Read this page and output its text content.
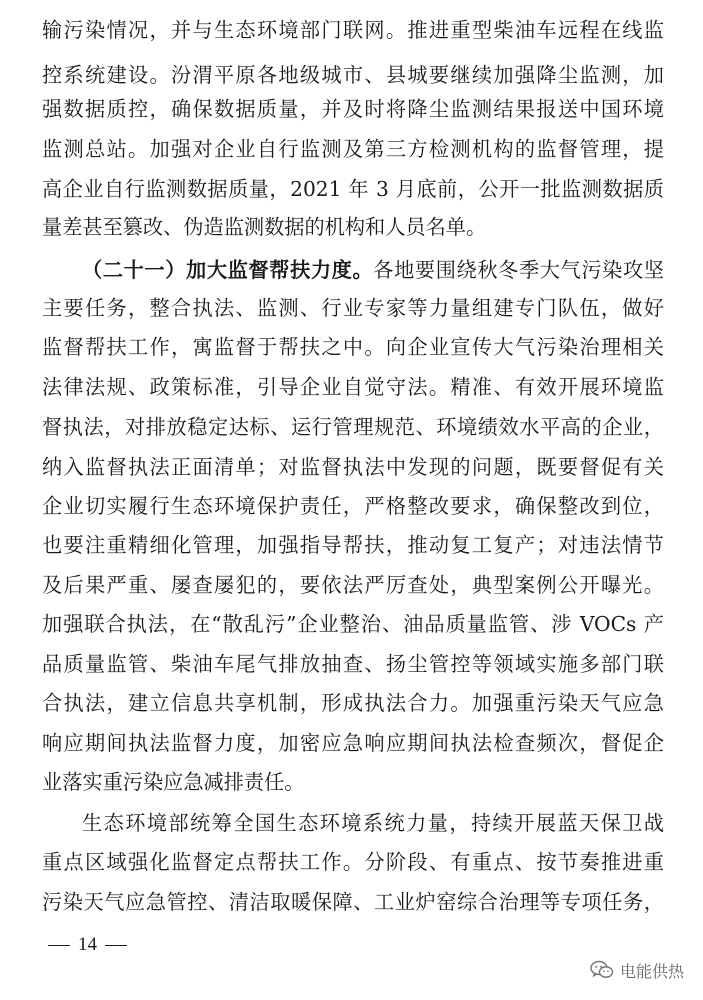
输污染情况，并与生态环境部门联网。推进重型柴油车远程在线监
控系统建设。汾渭平原各地级城市、县城要继续加强降尘监测，加
强数据质控，确保数据质量，并及时将降尘监测结果报送中国环境
监测总站。加强对企业自行监测及第三方检测机构的监督管理，提
高企业自行监测数据质量，2021 年 3 月底前，公开一批监测数据质
量差甚至篡改、伪造监测数据的机构和人员名单。
（二十一）加大监督帮扶力度。各地要围绕秋冬季大气污染攻坚
主要任务，整合执法、监测、行业专家等力量组建专门队伍，做好
监督帮扶工作，寓监督于帮扶之中。向企业宣传大气污染治理相关
法律法规、政策标准，引导企业自觉守法。精准、有效开展环境监
督执法，对排放稳定达标、运行管理规范、环境绩效水平高的企业，
纳入监督执法正面清单；对监督执法中发现的问题，既要督促有关
企业切实履行生态环境保护责任，严格整改要求，确保整改到位，
也要注重精细化管理，加强指导帮扶，推动复工复产；对违法情节
及后果严重、屡查屡犯的，要依法严厉查处，典型案例公开曝光。
加强联合执法，在“散乱污”企业整治、油品质量监管、涉 VOCs 产
品质量监管、柴油车尾气排放抽查、扬尘管控等领域实施多部门联
合执法，建立信息共享机制，形成执法合力。加强重污染天气应急
响应期间执法监督力度，加密应急响应期间执法检查频次，督促企
业落实重污染应急减排责任。
生态环境部统筹全国生态环境系统力量，持续开展蓝天保卫战
重点区域强化监督定点帮扶工作。分阶段、有重点、按节奏推进重
污染天气应急管控、清洁取暖保障、工业炉窑综合治理等专项任务，
14
电能供热
